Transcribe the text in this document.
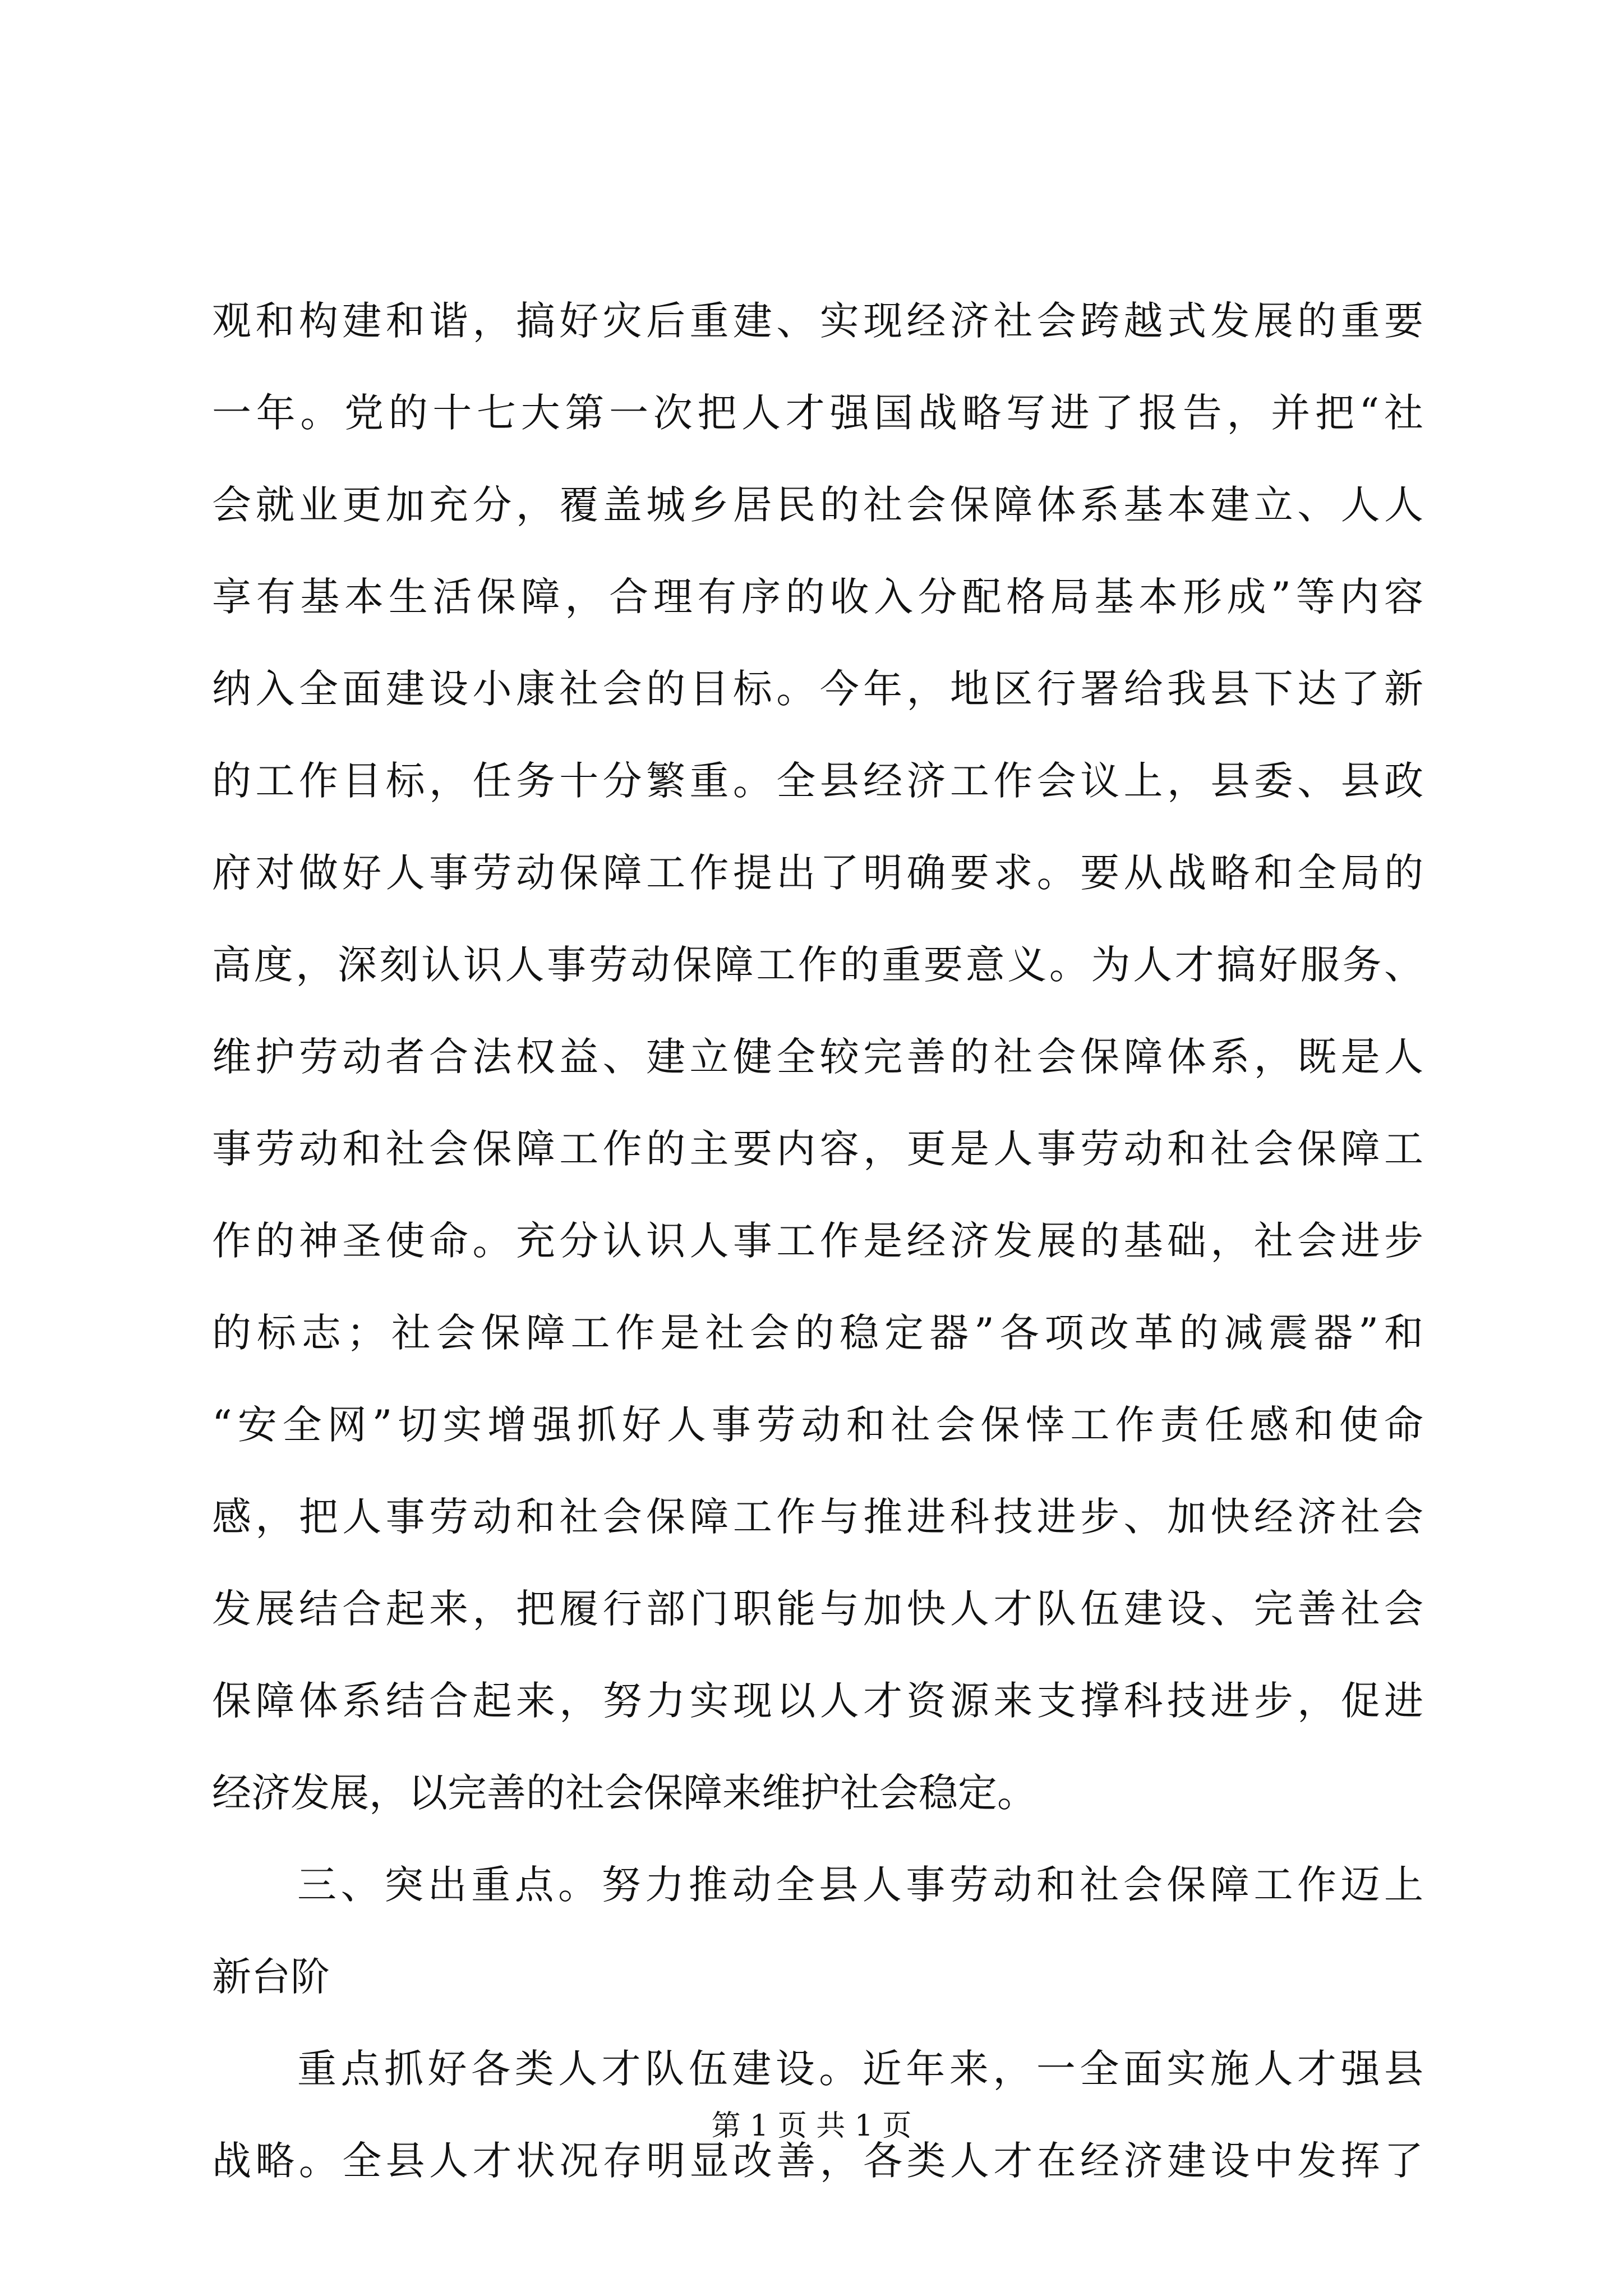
观和构建和谐，搞好灾后重建、实现经济社会跨越式发展的重要
一年。党的十七大第一次把人才强国战略写进了报告，并把“社
会就业更加充分，覆盖城乡居民的社会保障体系基本建立、人人
享有基本生活保障，合理有序的收入分配格局基本形成”等内容
纳入全面建设小康社会的目标。今年，地区行署给我县下达了新
的工作目标，任务十分繁重。全县经济工作会议上，县委、县政
府对做好人事劳动保障工作提出了明确要求。要从战略和全局的
高度，深刻认识人事劳动保障工作的重要意义。为人才搞好服务、
维护劳动者合法权益、建立健全较完善的社会保障体系，既是人
事劳动和社会保障工作的主要内容，更是人事劳动和社会保障工
作的神圣使命。充分认识人事工作是经济发展的基础，社会进步
的标志；社会保障工作是社会的稳定器”各项改革的减震器”和
“安全网”切实增强抓好人事劳动和社会保悻工作责任感和使命
感，把人事劳动和社会保障工作与推进科技进步、加快经济社会
发展结合起来，把履行部门职能与加快人才队伍建设、完善社会
保障体系结合起来，努力实现以人才资源来支撑科技进步，促进
经济发展，以完善的社会保障来维护社会稳定。
三、突出重点。努力推动全县人事劳动和社会保障工作迈上
新台阶
重点抓好各类人才队伍建设。近年来，一全面实施人才强县
战略。全县人才状况存明显改善，各类人才在经济建设中发挥了
第 1 页 共 1 页
